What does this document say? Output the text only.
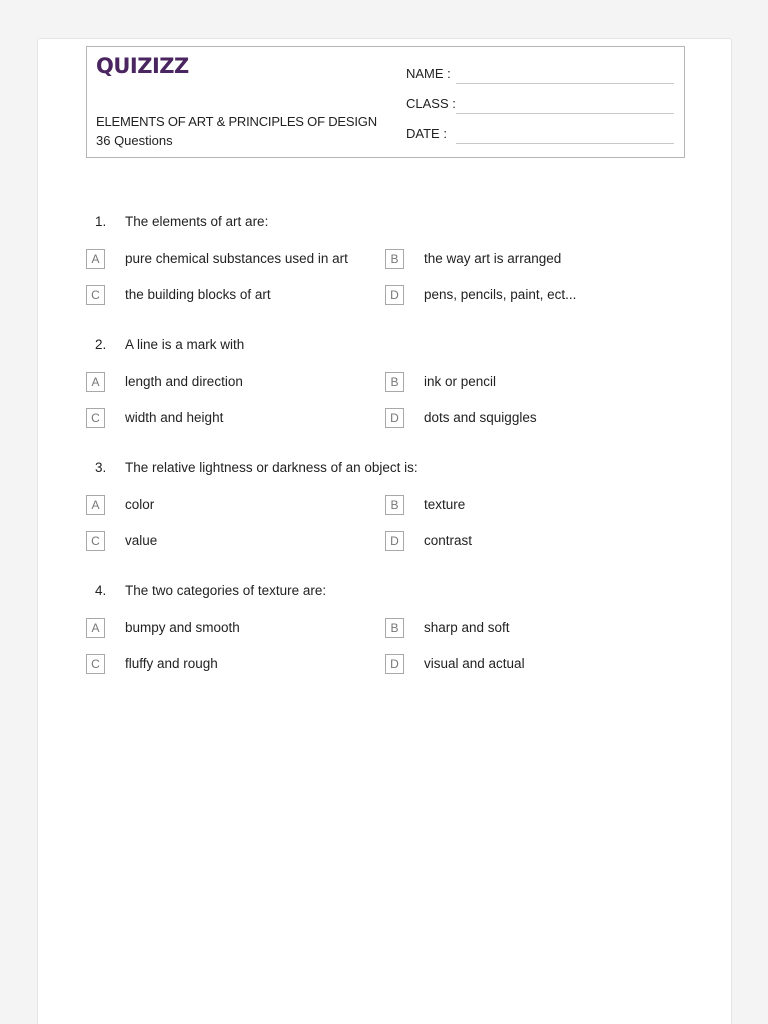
QUIZIZZ
ELEMENTS OF ART & PRINCIPLES OF DESIGN
36 Questions
NAME :
CLASS :
DATE :
1. The elements of art are:
A	pure chemical substances used in art	B	the way art is arranged
C	the building blocks of art	D	pens, pencils, paint, ect...
2. A line is a mark with
A	length and direction	B	ink or pencil
C	width and height	D	dots and squiggles
3. The relative lightness or darkness of an object is:
A	color	B	texture
C	value	D	contrast
4. The two categories of texture are:
A	bumpy and smooth	B	sharp and soft
C	fluffy and rough	D	visual and actual
